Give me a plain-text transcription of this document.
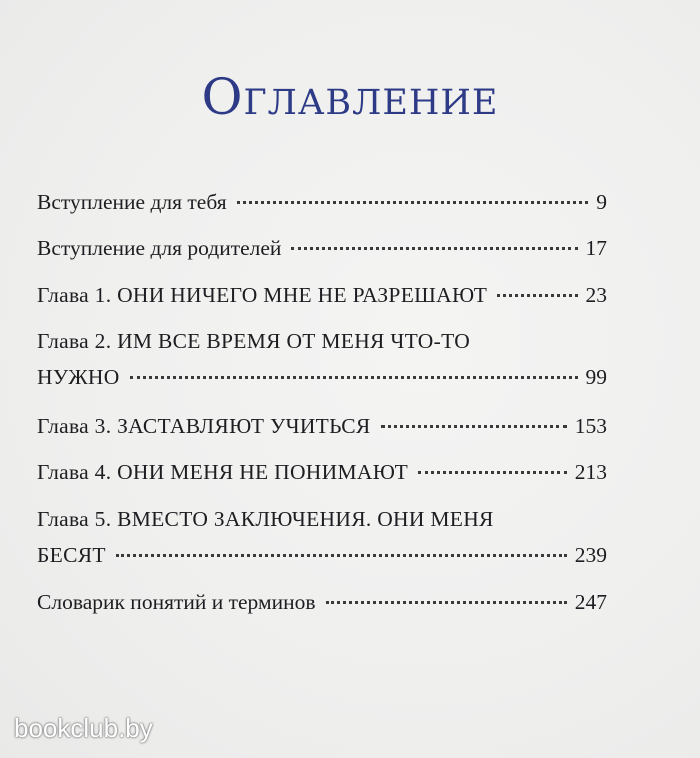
Оглавление
Вступление для тебя	9
Вступление для родителей	17
Глава 1. ОНИ НИЧЕГО МНЕ НЕ РАЗРЕШАЮТ	23
Глава 2. ИМ ВСЕ ВРЕМЯ ОТ МЕНЯ ЧТО-ТО
НУЖНО	99
Глава 3. ЗАСТАВЛЯЮТ УЧИТЬСЯ	153
Глава 4. ОНИ МЕНЯ НЕ ПОНИМАЮТ	213
Глава 5. ВМЕСТО ЗАКЛЮЧЕНИЯ. ОНИ МЕНЯ
БЕСЯТ	239
Словарик понятий и терминов	247
bookclub.by
